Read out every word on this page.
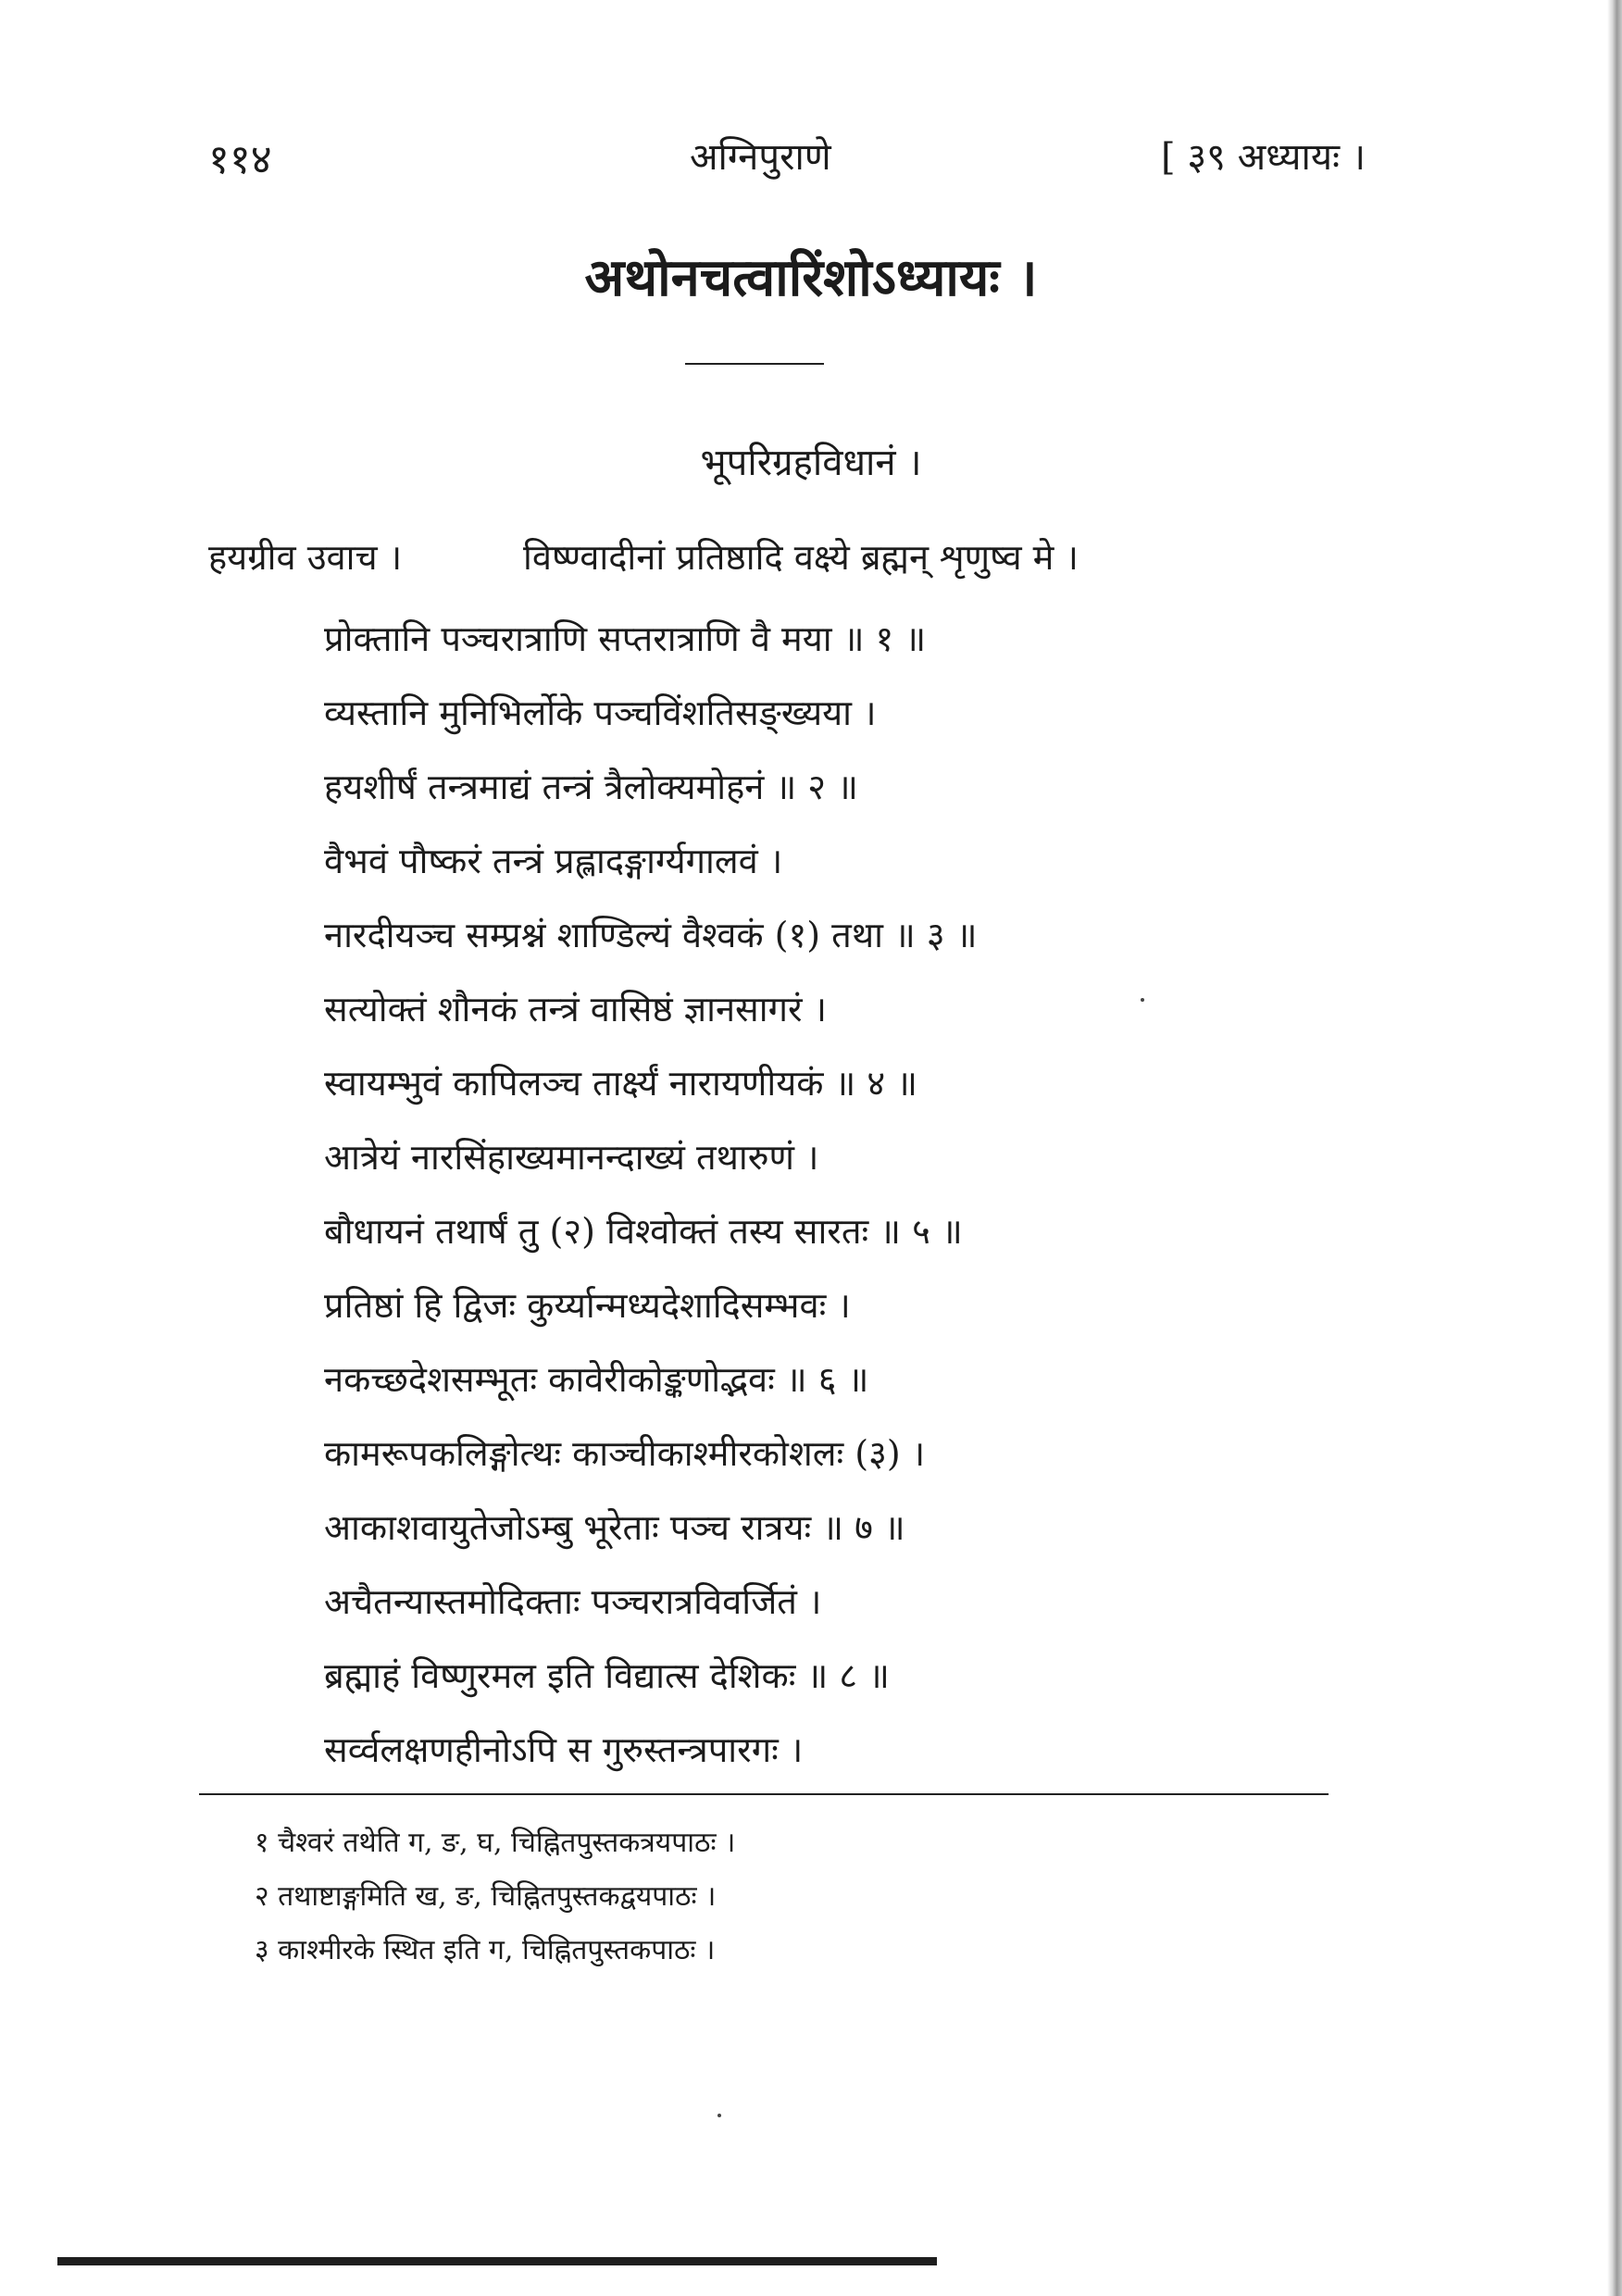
११४	अग्निपुराणे	[ ३९ अध्यायः ।
अथोनचत्वारिंशोऽध्यायः ।
भूपरिग्रहविधानं ।
हयग्रीव उवाच ।	विष्ण्वादीनां प्रतिष्ठादि वक्ष्ये ब्रह्मन् शृणुष्व मे ।
प्रोक्तानि पञ्चरात्राणि सप्तरात्राणि वै मया ॥ १ ॥
व्यस्तानि मुनिभिर्लोके पञ्चविंशतिसङ्ख्यया ।
हयशीर्षं तन्त्रमाद्यं तन्त्रं त्रैलोक्यमोहनं ॥ २ ॥
वैभवं पौष्करं तन्त्रं प्रह्लादङ्गार्ग्यगालवं ।
नारदीयञ्च सम्प्रश्नं शाण्डिल्यं वैश्वकं (१) तथा ॥ ३ ॥
सत्योक्तं शौनकं तन्त्रं वासिष्ठं ज्ञानसागरं ।
स्वायम्भुवं कापिलञ्च तार्क्ष्यं नारायणीयकं ॥ ४ ॥
आत्रेयं नारसिंहाख्यमानन्दाख्यं तथारुणं ।
बौधायनं तथार्षं तु (२) विश्वोक्तं तस्य सारतः ॥ ५ ॥
प्रतिष्ठां हि द्विजः कुर्य्यान्मध्यदेशादिसम्भवः ।
नकच्छदेशसम्भूतः कावेरीकोङ्कणोद्भवः ॥ ६ ॥
कामरूपकलिङ्गोत्थः काञ्चीकाश्मीरकोशलः (३) ।
आकाशवायुतेजोऽम्बु भूरेताः पञ्च रात्रयः ॥ ७ ॥
अचैतन्यास्तमोदिक्ताः पञ्चरात्रविवर्जितं ।
ब्रह्माहं विष्णुरमल इति विद्यात्स देशिकः ॥ ८ ॥
सर्व्वलक्षणहीनोऽपि स गुरुस्तन्त्रपारगः ।
१ चैश्वरं तथेति ग, ङ, घ, चिह्नितपुस्तकत्रयपाठः ।
२ तथाष्टाङ्गमिति ख, ङ, चिह्नितपुस्तकद्वयपाठः ।
३ काश्मीरके स्थित इति ग, चिह्नितपुस्तकपाठः ।
